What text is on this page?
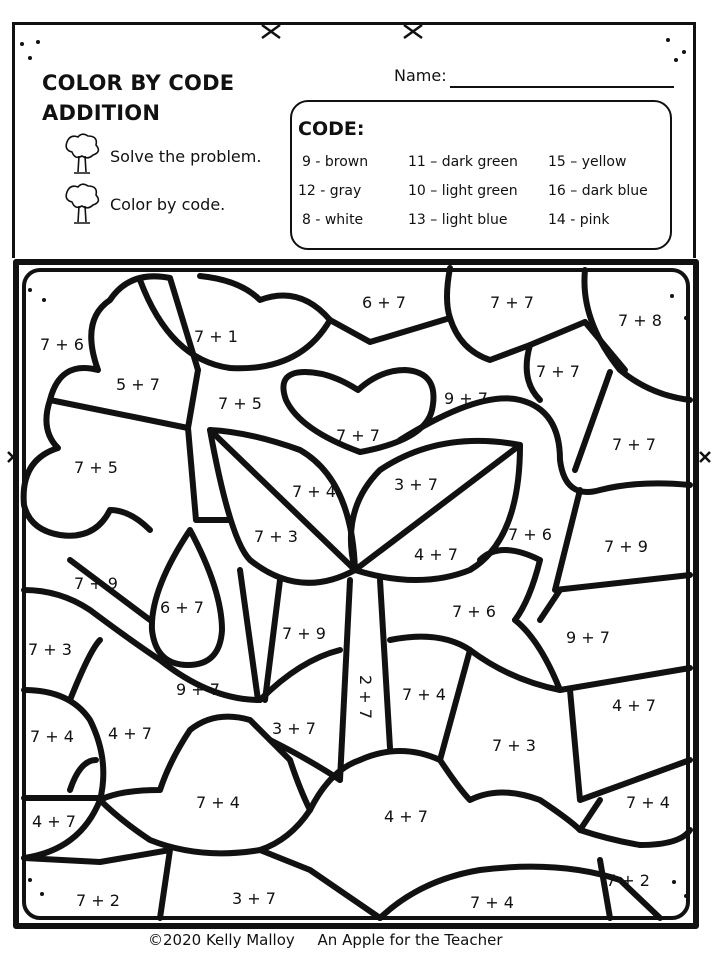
COLOR BY CODE
ADDITION
Solve the problem.
Color by code.
Name:
CODE:
9 - brown	11 – dark green 15 – yellow
12 - gray	10 – light green 16 – dark blue
8 - white	13 – light blue	14 - pink
7 + 6	7 + 1
6 + 7	7 + 7
7 + 8
5 + 7
7 + 5
7 + 7
9 + 7
7 + 7
7 + 5
7 + 7
7 + 4	3 + 7
7 + 3
4 + 7
7 + 6
7 + 9
7 + 9
6 + 7	7 + 6
7 + 3
7 + 9	9 + 7
9 + 7	2 + 7 7 + 4
7 + 4 4 + 7	3 + 7
7 + 3
4 + 7
4 + 7
7 + 4	7 + 4
4 + 7
7 + 4
7 + 2	3 + 7
7 + 2
©2020 Kelly Malloy An Apple for the Teacher
